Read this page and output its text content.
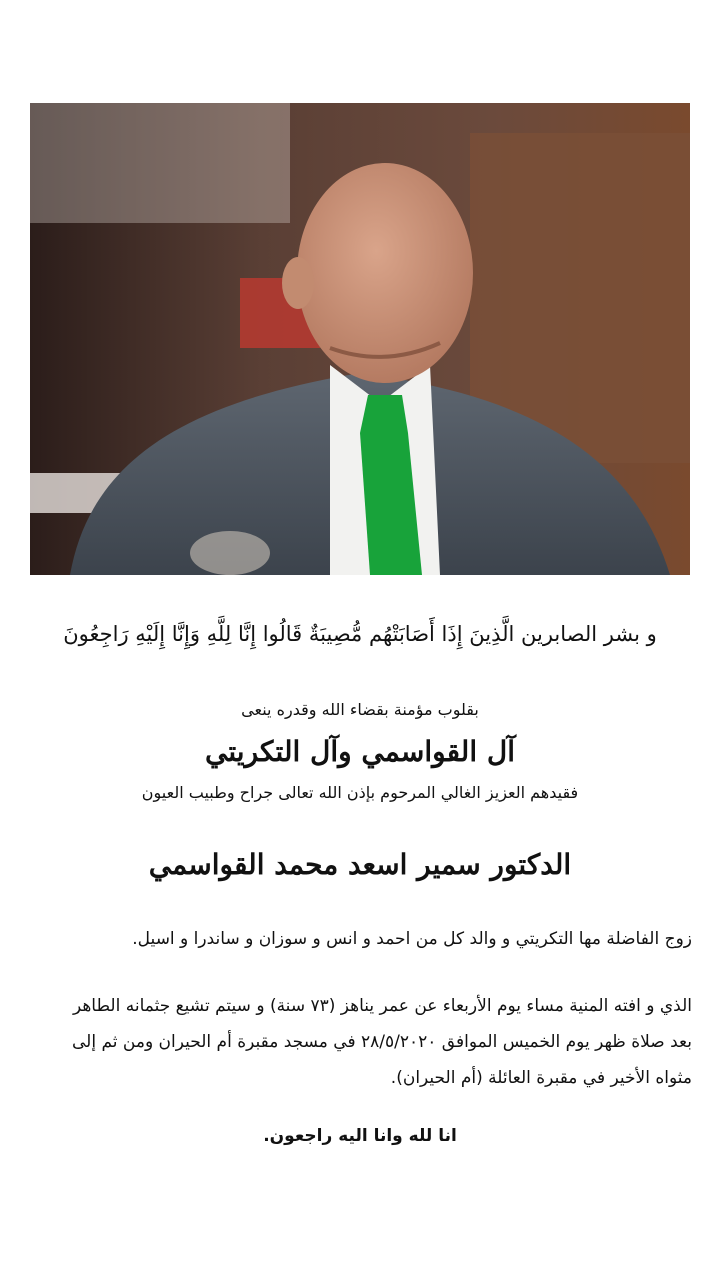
و بشر الصابرين الَّذِينَ إِذَا أَصَابَتْهُم مُّصِيبَةٌ قَالُوا إِنَّا لِلَّهِ وَإِنَّا إِلَيْهِ رَاجِعُونَ
بقلوب مؤمنة بقضاء الله وقدره ينعى
آل القواسمي وآل التكريتي
فقيدهم العزيز الغالي المرحوم بإذن الله تعالى جراح وطبيب العيون
الدكتور سمير اسعد محمد القواسمي
زوج الفاضلة مها التكريتي و والد كل من احمد و انس و سوزان و ساندرا و اسيل.
الذي و افته المنية مساء يوم الأربعاء عن عمر يناهز (٧٣ سنة) و سيتم تشيع جثمانه الطاهر
بعد صلاة ظهر يوم الخميس الموافق ٢٨/٥/٢٠٢٠ في مسجد مقبرة أم الحيران ومن ثم إلى
مثواه الأخير في مقبرة العائلة (أم الحيران).
انا لله وانا اليه راجعون.
